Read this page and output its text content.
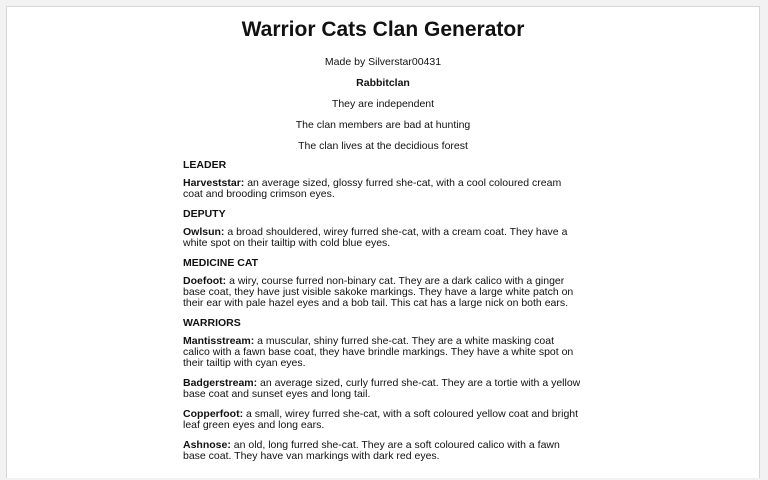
Warrior Cats Clan Generator
Made by Silverstar00431
Rabbitclan
They are independent
The clan members are bad at hunting
The clan lives at the decidious forest
LEADER
Harveststar: an average sized, glossy furred she-cat, with a cool coloured cream coat and brooding crimson eyes.
DEPUTY
Owlsun: a broad shouldered, wirey furred she-cat, with a cream coat. They have a white spot on their tailtip with cold blue eyes.
MEDICINE CAT
Doefoot: a wiry, course furred non-binary cat. They are a dark calico with a ginger base coat, they have just visible sakoke markings. They have a large white patch on their ear with pale hazel eyes and a bob tail. This cat has a large nick on both ears.
WARRIORS
Mantisstream: a muscular, shiny furred she-cat. They are a white masking coat calico with a fawn base coat, they have brindle markings. They have a white spot on their tailtip with cyan eyes.
Badgerstream: an average sized, curly furred she-cat. They are a tortie with a yellow base coat and sunset eyes and long tail.
Copperfoot: a small, wirey furred she-cat, with a soft coloured yellow coat and bright leaf green eyes and long ears.
Ashnose: an old, long furred she-cat. They are a soft coloured calico with a fawn base coat. They have van markings with dark red eyes.
